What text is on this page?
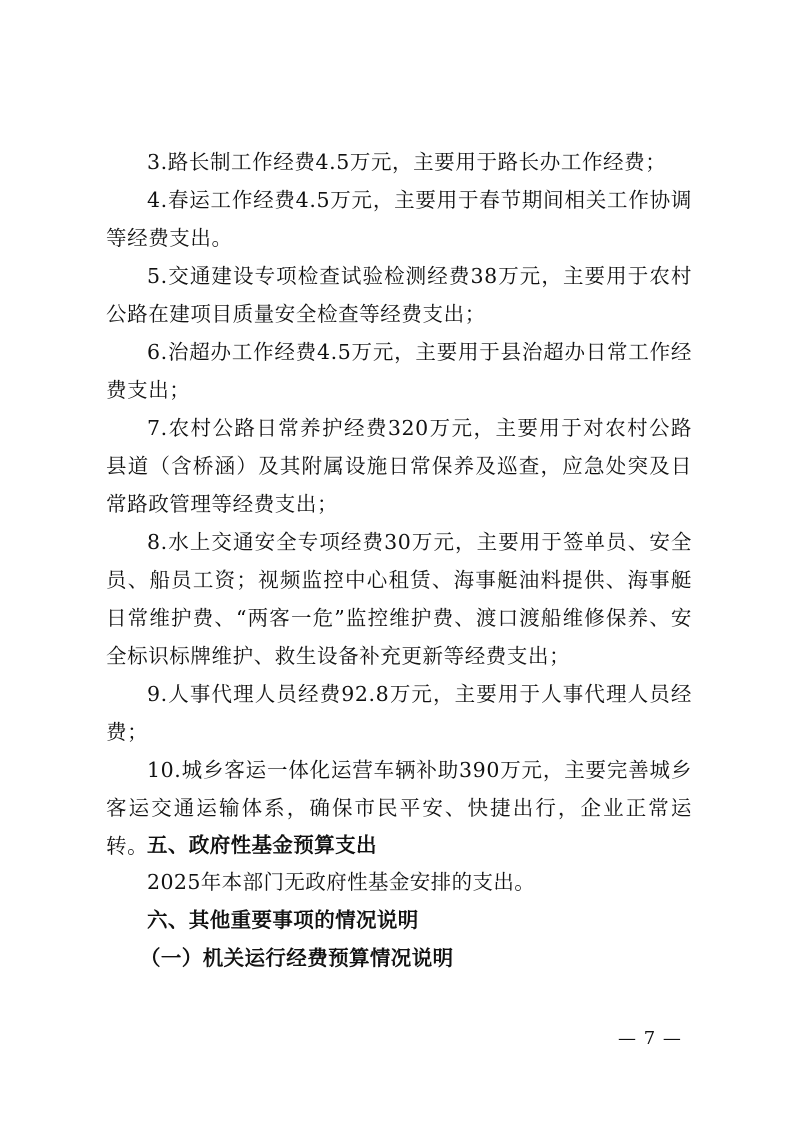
3.路长制工作经费4.5万元，主要用于路长办工作经费；

4.春运工作经费4.5万元，主要用于春节期间相关工作协调等经费支出。

5.交通建设专项检查试验检测经费38万元，主要用于农村公路在建项目质量安全检查等经费支出；

6.治超办工作经费4.5万元，主要用于县治超办日常工作经费支出；

7.农村公路日常养护经费320万元，主要用于对农村公路县道（含桥涵）及其附属设施日常保养及巡查，应急处突及日常路政管理等经费支出；

8.水上交通安全专项经费30万元，主要用于签单员、安全员、船员工资；视频监控中心租赁、海事艇油料提供、海事艇日常维护费、“两客一危”监控维护费、渡口渡船维修保养、安全标识标牌维护、救生设备补充更新等经费支出；

9.人事代理人员经费92.8万元，主要用于人事代理人员经费；

10.城乡客运一体化运营车辆补助390万元，主要完善城乡客运交通运输体系，确保市民平安、快捷出行，企业正常运转。

五、政府性基金预算支出

2025年本部门无政府性基金安排的支出。

六、其他重要事项的情况说明
（一）机关运行经费预算情况说明
— 7 —
